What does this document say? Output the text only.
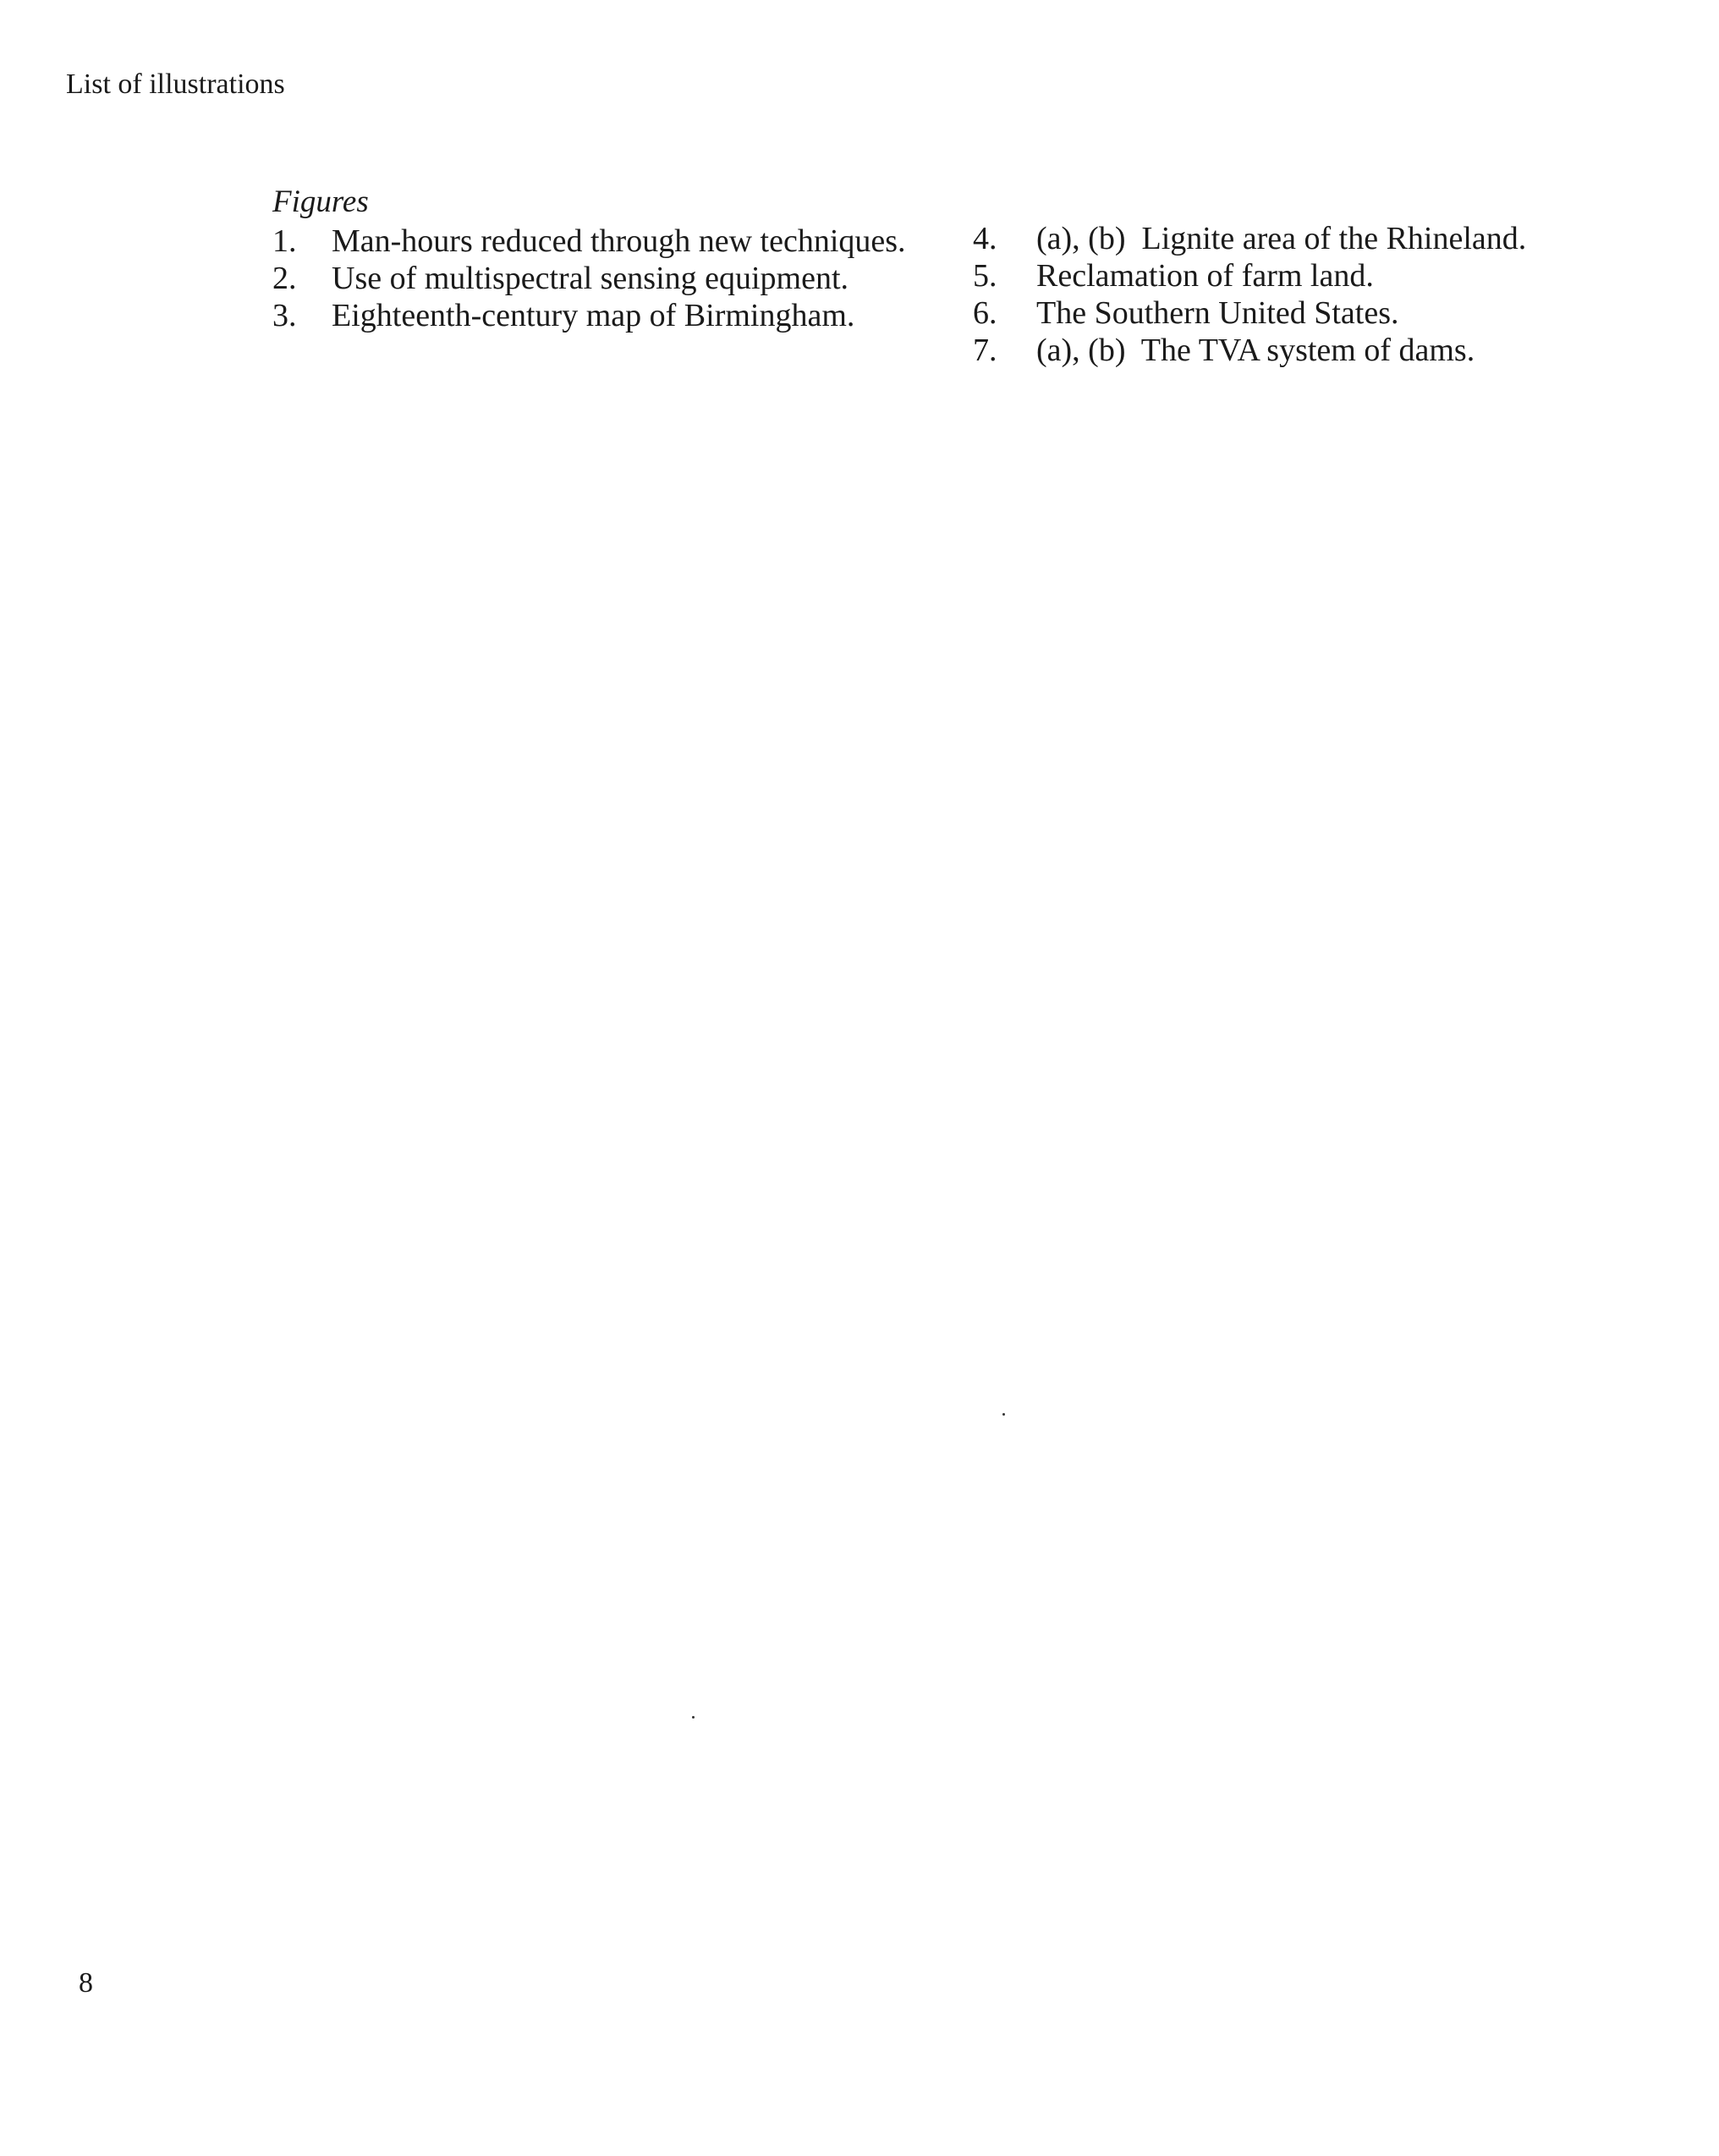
List of illustrations
Figures

1. Man-hours reduced through new techniques.

2. Use of multispectral sensing equipment.

3. Eighteenth-century map of Birmingham.

4.	(a), (b)  Lignite area of the Rhineland.

5.	Reclamation of farm land.

6.	The Southern United States.

7.	(a), (b)  The TVA system of dams.

8
